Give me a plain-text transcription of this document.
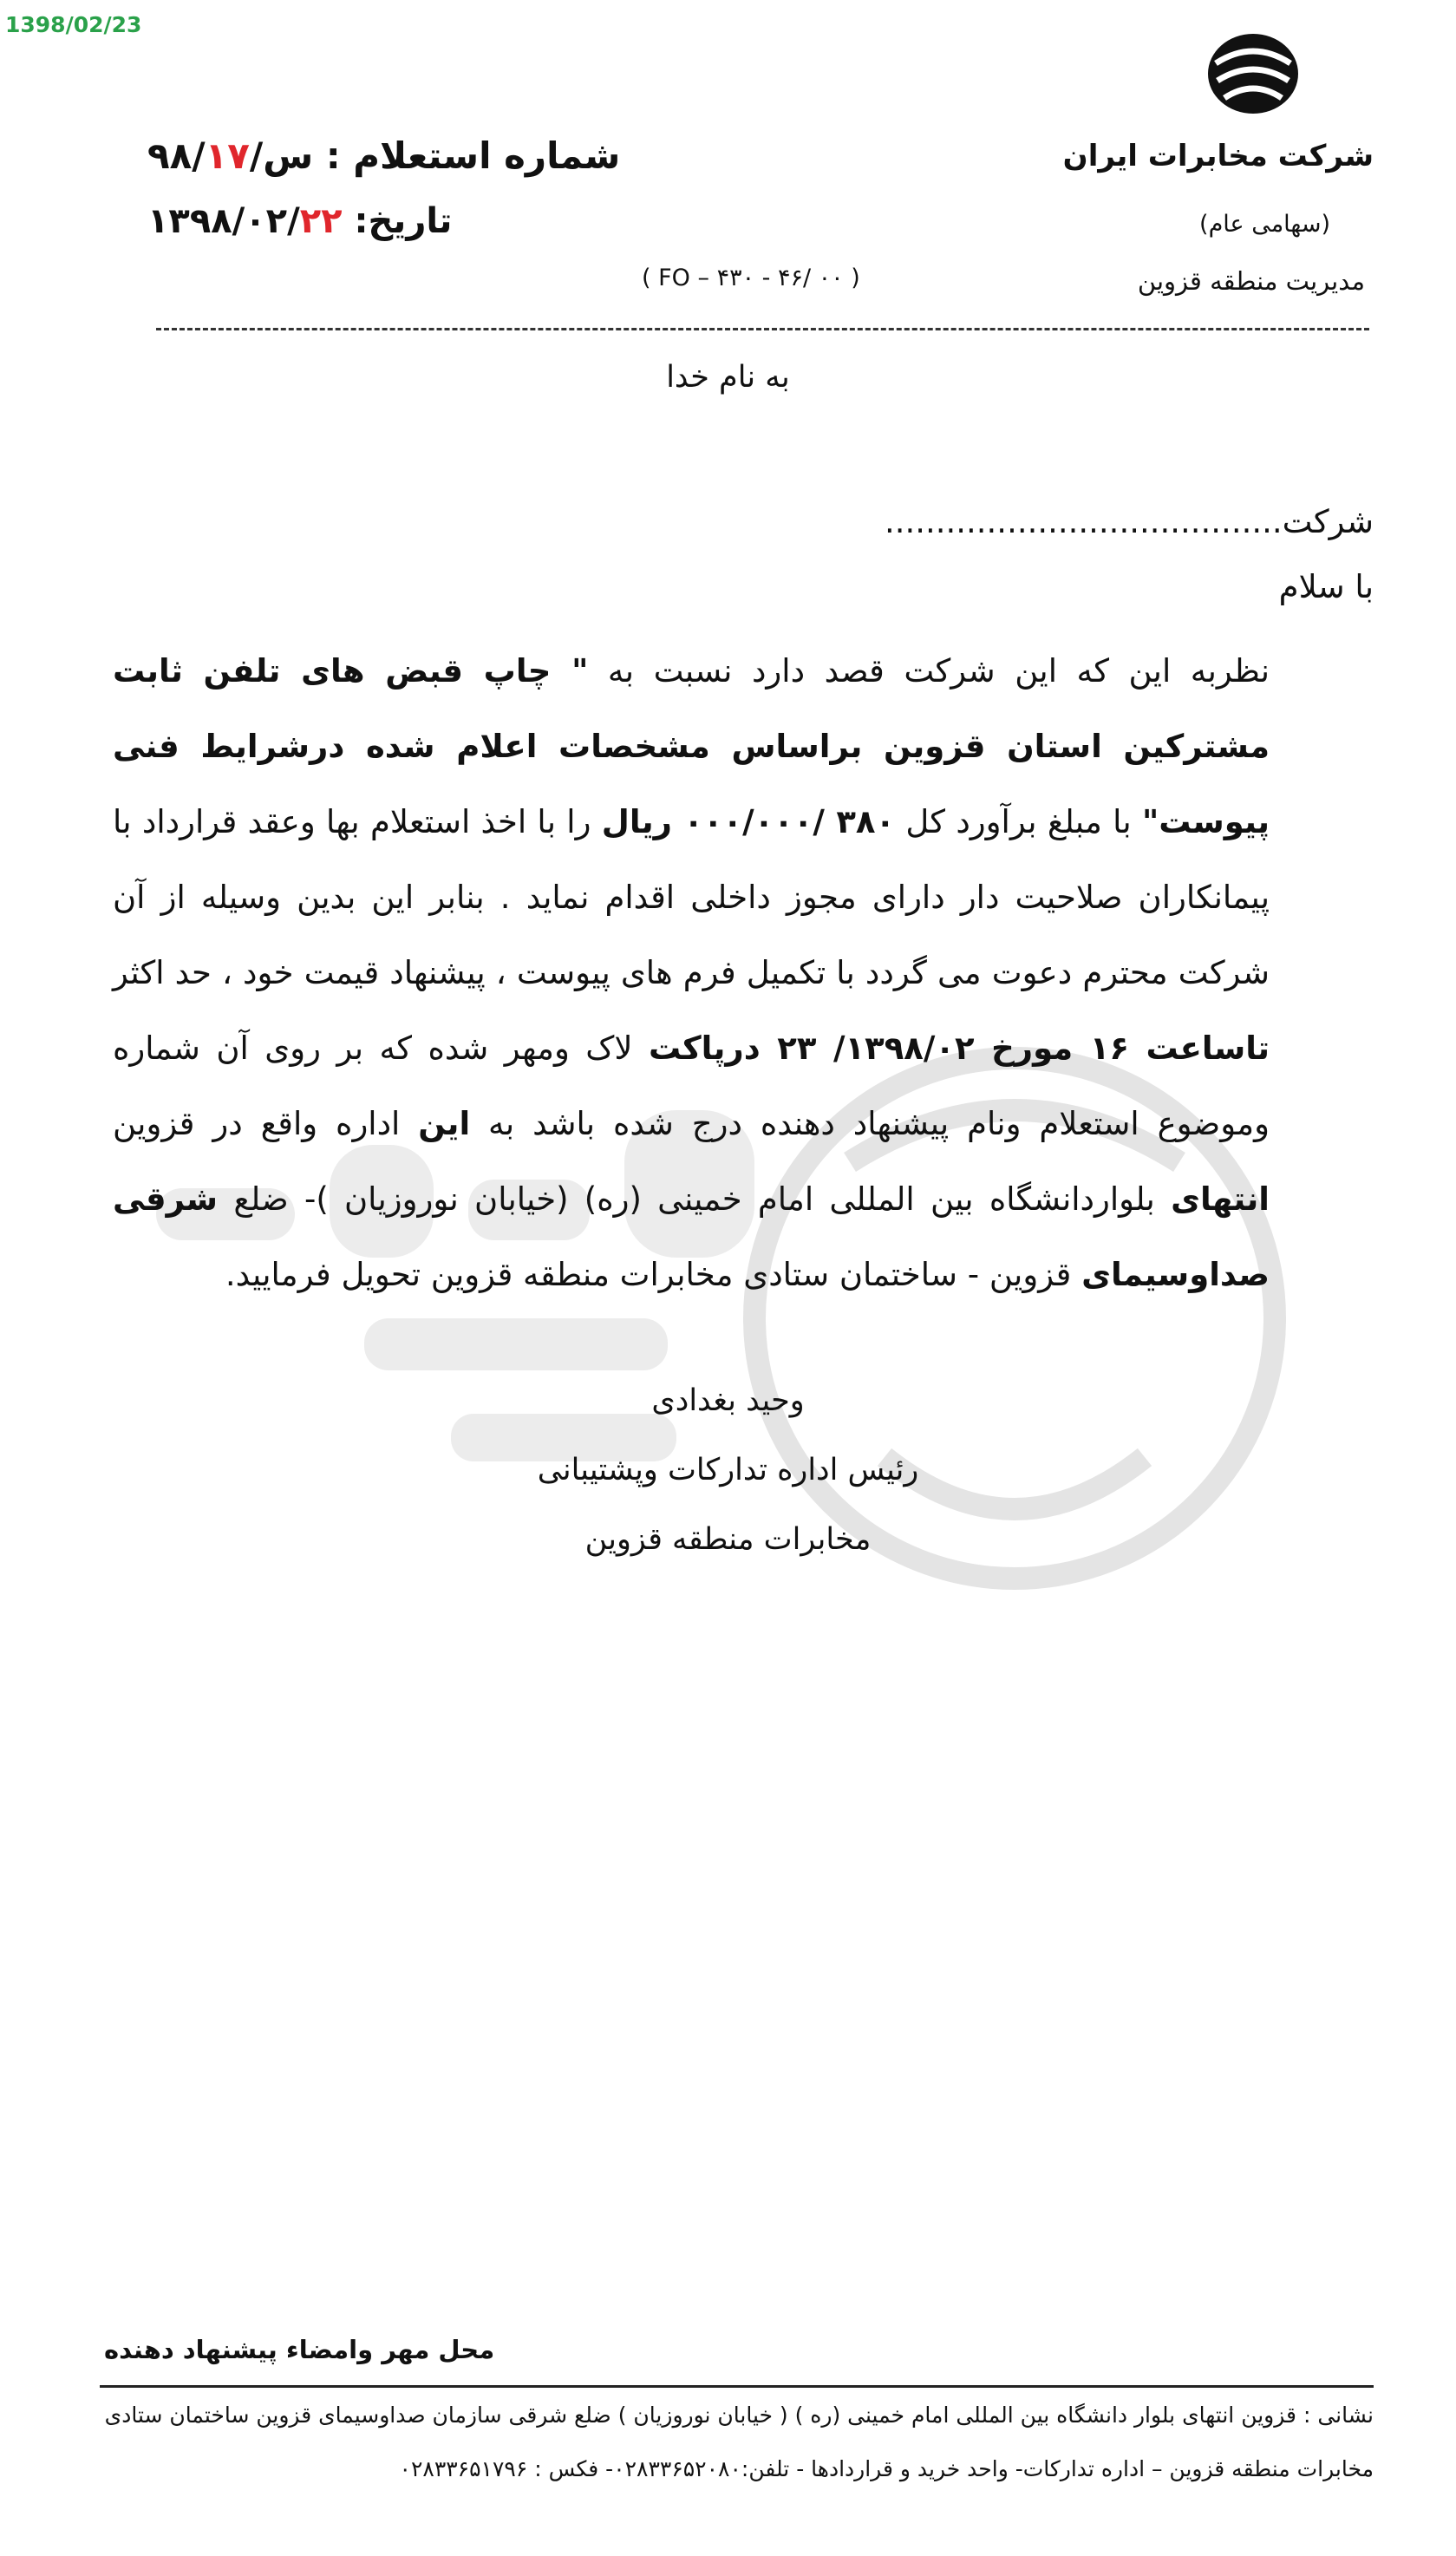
1398/02/23
شرکت مخابرات ایران
(سهامی عام)
مدیریت منطقه قزوین
شماره استعلام : ۹۸/۱۷/س
تاریخ: ۱۳۹۸/۰۲/۲۲
( FO – ۴۳۰ - ۴۶/ ۰۰ )
به نام خدا
شرکت.......................................
با سلام
نظربه این که این شرکت قصد دارد نسبت به " چاپ قبض های تلفن ثابت مشترکین استان قزوین براساس مشخصات اعلام شده درشرایط فنی پیوست" با مبلغ برآورد کل ۳۸۰ /۰۰۰/۰۰۰ ریال را با اخذ استعلام بها وعقد قرارداد با پیمانکاران صلاحیت دار دارای مجوز داخلی اقدام نماید . بنابر این بدین وسیله از آن شرکت محترم دعوت می گردد با تکمیل فرم های پیوست ، پیشنهاد قیمت خود ، حد اکثر تاساعت ۱۶ مورخ ۱۳۹۸/۰۲/ ۲۳ درپاکت لاک ومهر شده که بر روی آن شماره وموضوع استعلام ونام پیشنهاد دهنده درج شده باشد به این اداره واقع در قزوین انتهای بلواردانشگاه بین المللی امام خمینی (ره) (خیابان نوروزیان )- ضلع شرقی صداوسیمای قزوین - ساختمان ستادی مخابرات منطقه قزوین تحویل فرمایید.
وحید بغدادی
رئیس اداره تدارکات وپشتیبانی
مخابرات منطقه قزوین
محل مهر وامضاء پیشنهاد دهنده
نشانی : قزوین انتهای بلوار دانشگاه بین المللی امام خمینی (ره ) ( خیابان نوروزیان ) ضلع شرقی سازمان صداوسیمای قزوین ساختمان ستادی
مخابرات منطقه قزوین – اداره تدارکات- واحد خرید و قراردادها - تلفن:۰۲۸۳۳۶۵۲۰۸۰- فکس : ۰۲۸۳۳۶۵۱۷۹۶
